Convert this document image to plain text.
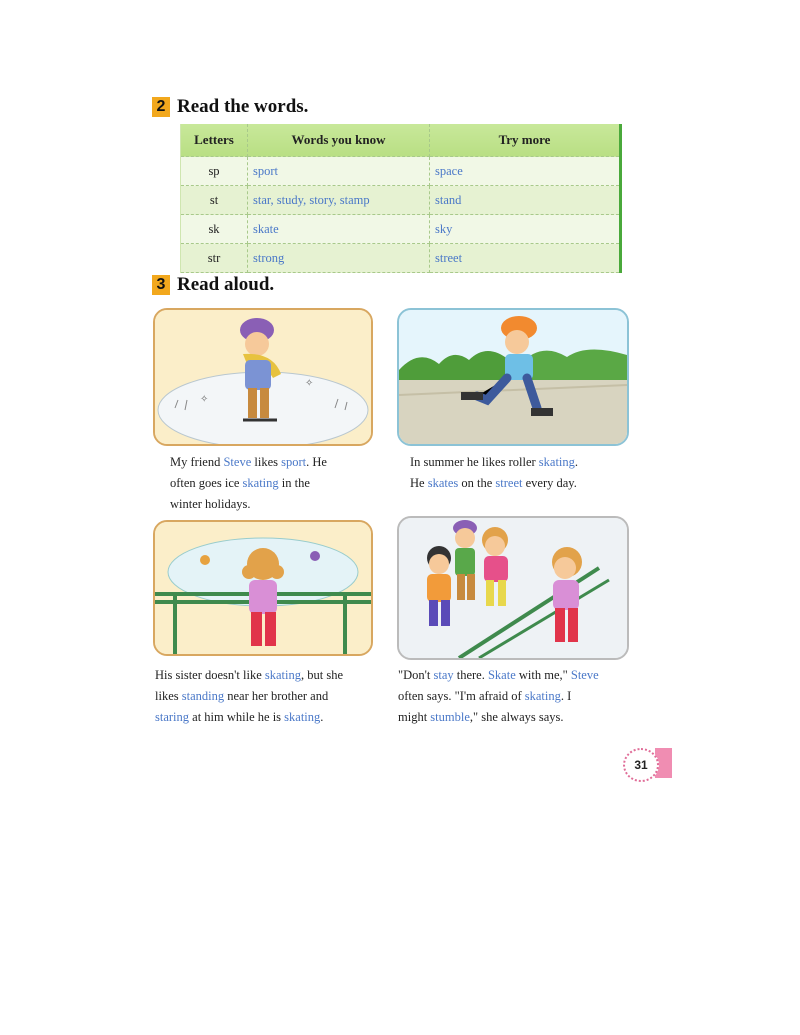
2 Read the words.
Letters	Words you know	Try more
sp	sport	space
st	star, study, story, stamp	stand
sk	skate	sky
str	strong	street
3 Read aloud.
✧
✧
My friend Steve likes sport. He
often goes ice skating in the
winter holidays.
In summer he likes roller skating.
He skates on the street every day.
His sister doesn't like skating, but she
likes standing near her brother and
staring at him while he is skating.
"Don't stay there. Skate with me," Steve
often says. "I'm afraid of skating. I
might stumble," she always says.
31
